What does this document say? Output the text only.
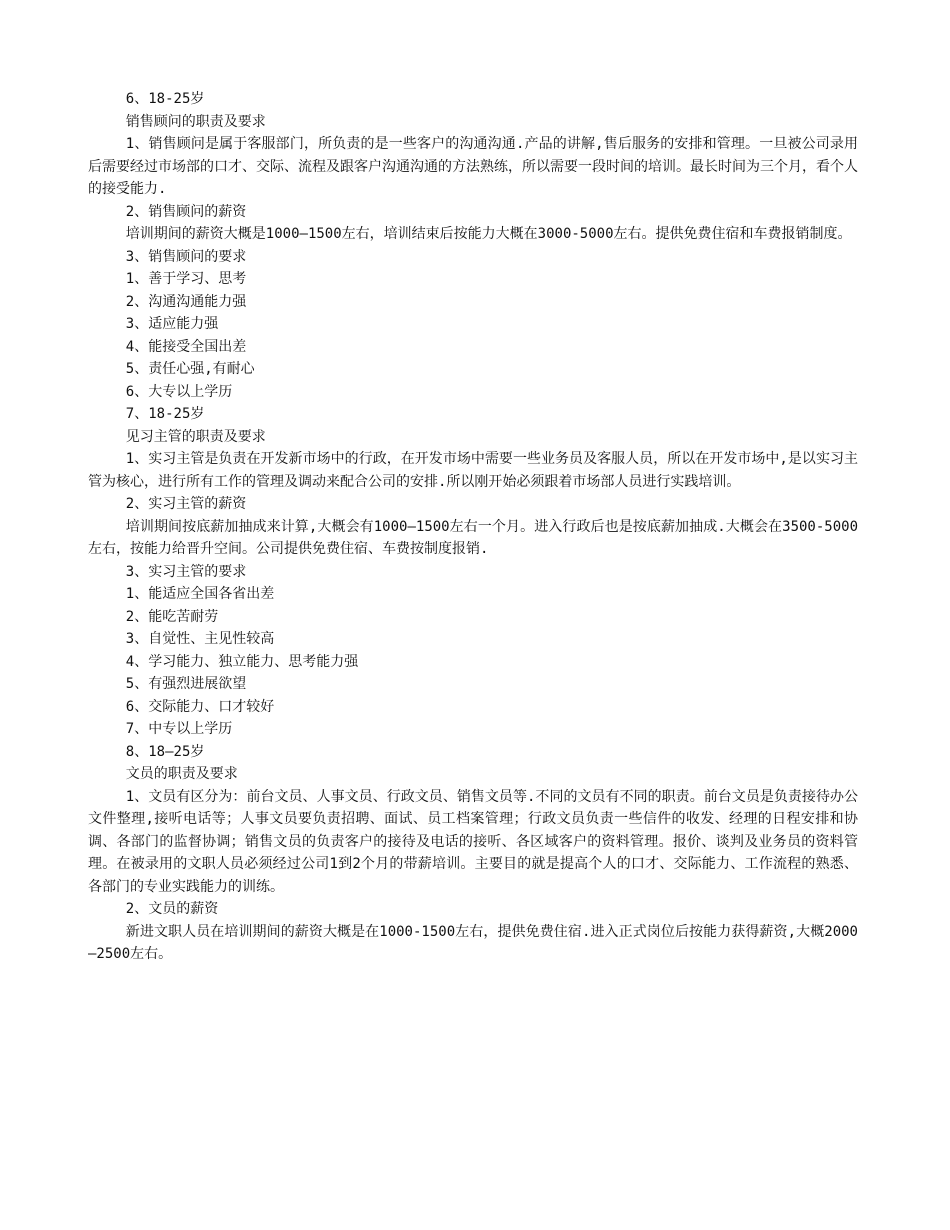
6、18-25岁

销售顾问的职责及要求

1、销售顾问是属于客服部门，所负责的是一些客户的沟通沟通.产品的讲解,售后服务的安排和管理。一旦被公司录用后需要经过市场部的口才、交际、流程及跟客户沟通沟通的方法熟练，所以需要一段时间的培训。最长时间为三个月，看个人的接受能力.

2、销售顾问的薪资

培训期间的薪资大概是1000—1500左右，培训结束后按能力大概在3000-5000左右。提供免费住宿和车费报销制度。

3、销售顾问的要求

1、善于学习、思考

2、沟通沟通能力强

3、适应能力强

4、能接受全国出差

5、责任心强,有耐心

6、大专以上学历

7、18-25岁

见习主管的职责及要求

1、实习主管是负责在开发新市场中的行政，在开发市场中需要一些业务员及客服人员，所以在开发市场中,是以实习主管为核心，进行所有工作的管理及调动来配合公司的安排.所以刚开始必须跟着市场部人员进行实践培训。

2、实习主管的薪资

培训期间按底薪加抽成来计算,大概会有1000—1500左右一个月。进入行政后也是按底薪加抽成.大概会在3500-5000左右，按能力给晋升空间。公司提供免费住宿、车费按制度报销.

3、实习主管的要求

1、能适应全国各省出差

2、能吃苦耐劳

3、自觉性、主见性较高

4、学习能力、独立能力、思考能力强

5、有强烈进展欲望

6、交际能力、口才较好

7、中专以上学历

8、18—25岁

文员的职责及要求

1、文员有区分为：前台文员、人事文员、行政文员、销售文员等.不同的文员有不同的职责。前台文员是负责接待办公文件整理,接听电话等；人事文员要负责招聘、面试、员工档案管理；行政文员负责一些信件的收发、经理的日程安排和协调、各部门的监督协调；销售文员的负责客户的接待及电话的接听、各区域客户的资料管理。报价、谈判及业务员的资料管理。在被录用的文职人员必须经过公司1到2个月的带薪培训。主要目的就是提高个人的口才、交际能力、工作流程的熟悉、各部门的专业实践能力的训练。

2、文员的薪资

新进文职人员在培训期间的薪资大概是在1000-1500左右，提供免费住宿.进入正式岗位后按能力获得薪资,大概2000—2500左右。
